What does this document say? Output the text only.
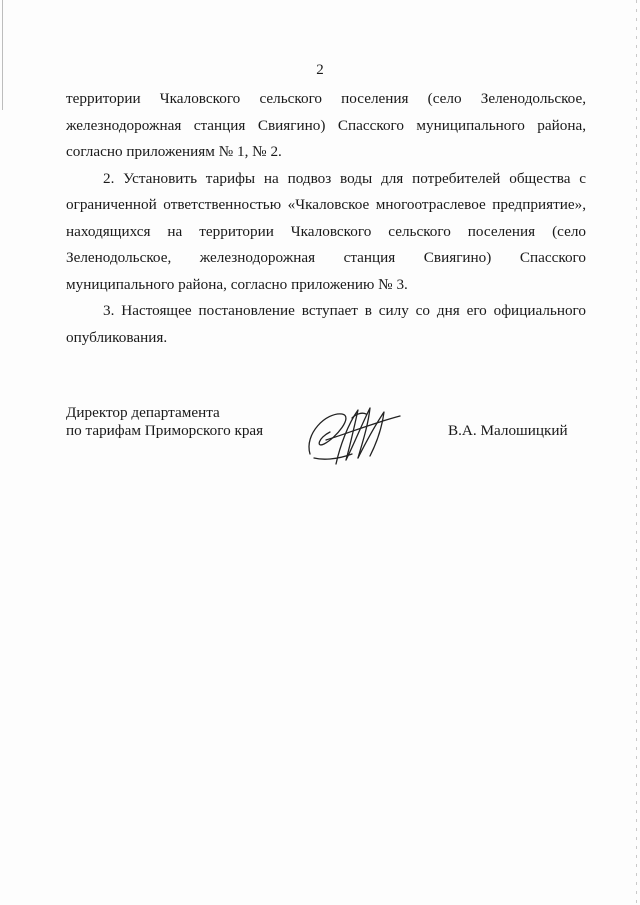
2
территории Чкаловского сельского поселения (село Зеленодольское,
железнодорожная станция Свиягино) Спасского муниципального района,
согласно приложениям № 1, № 2.
2. Установить тарифы на подвоз воды для потребителей общества с
ограниченной ответственностью «Чкаловское многоотраслевое предприятие»,
находящихся на территории Чкаловского сельского поселения (село
Зеленодольское, железнодорожная станция Свиягино) Спасского
муниципального района, согласно приложению № 3.
3. Настоящее постановление вступает в силу со дня его официального
опубликования.
Директор департамента
по тарифам Приморского края	В.А. Малошицкий
